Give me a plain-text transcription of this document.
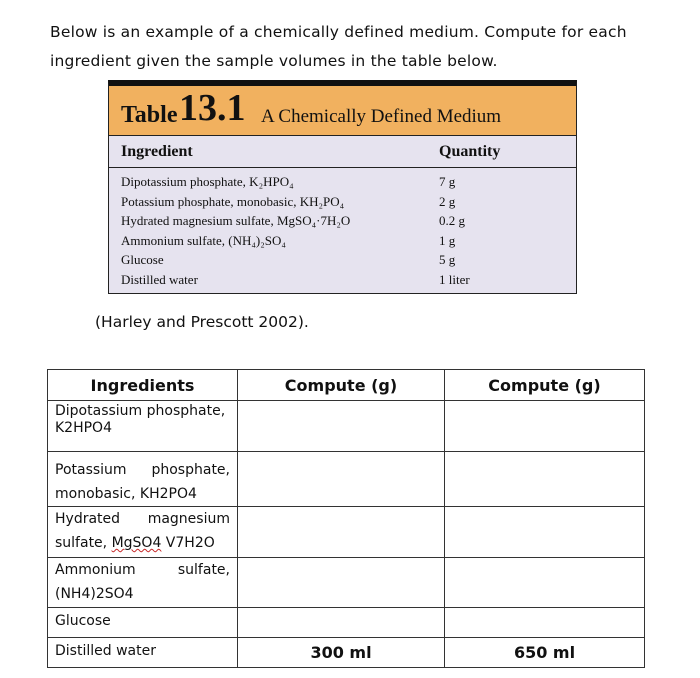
Below is an example of a chemically defined medium. Compute for each ingredient given the sample volumes in the table below.

Table 13.1 A Chemically Defined Medium
Ingredient	Quantity
Dipotassium phosphate, K₂HPO₄	7 g
Potassium phosphate, monobasic, KH₂PO₄	2 g
Hydrated magnesium sulfate, MgSO₄·7H₂O	0.2 g
Ammonium sulfate, (NH₄)₂SO₄	1 g
Glucose	5 g
Distilled water	1 liter
(Harley and Prescott 2002).
Ingredients	Compute (g)	Compute (g)
Dipotassium phosphate, K2HPO4		

Potassium phosphate,
monobasic, KH2PO4		

Hydrated magnesium
sulfate, MgSO4 V7H2O		

Ammonium sulfate,
(NH4)2SO4		

Glucose		
Distilled water	300 ml	650 ml
